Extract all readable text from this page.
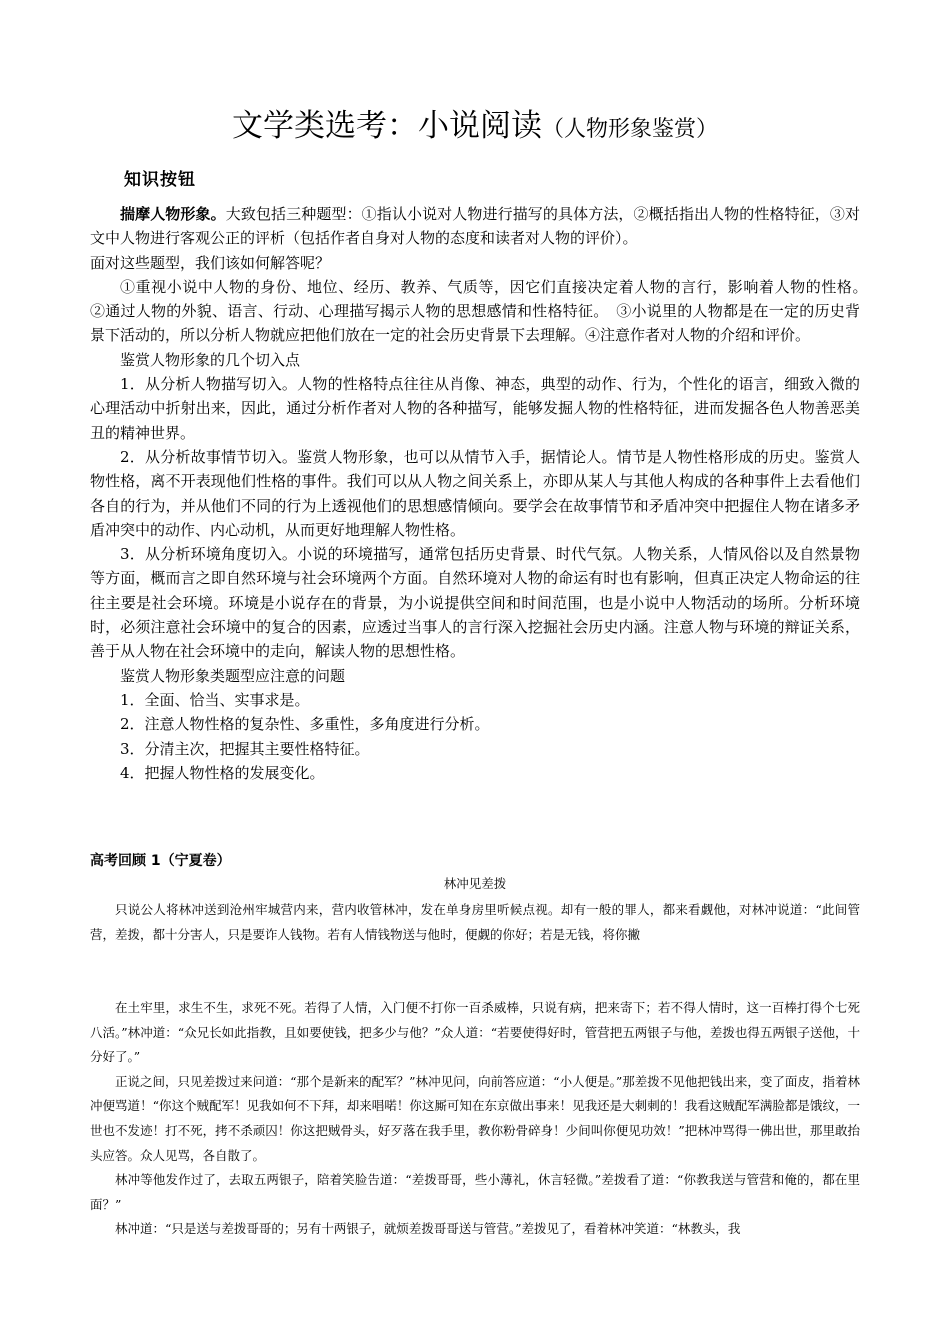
文学类选考：小说阅读（人物形象鉴赏）
知识按钮

揣摩人物形象。大致包括三种题型：①指认小说对人物进行描写的具体方法，②概括指出人物的性格特征，③对文中人物进行客观公正的评析（包括作者自身对人物的态度和读者对人物的评价）。

面对这些题型，我们该如何解答呢？

①重视小说中人物的身份、地位、经历、教养、气质等，因它们直接决定着人物的言行，影响着人物的性格。　②通过人物的外貌、语言、行动、心理描写揭示人物的思想感情和性格特征。　③小说里的人物都是在一定的历史背景下活动的，所以分析人物就应把他们放在一定的社会历史背景下去理解。④注意作者对人物的介绍和评价。

鉴赏人物形象的几个切入点

1．从分析人物描写切入。人物的性格特点往往从肖像、神态，典型的动作、行为，个性化的语言，细致入微的心理活动中折射出来，因此，通过分析作者对人物的各种描写，能够发掘人物的性格特征，进而发掘各色人物善恶美丑的精神世界。

2．从分析故事情节切入。鉴赏人物形象，也可以从情节入手，据情论人。情节是人物性格形成的历史。鉴赏人物性格，离不开表现他们性格的事件。我们可以从人物之间关系上，亦即从某人与其他人构成的各种事件上去看他们各自的行为，并从他们不同的行为上透视他们的思想感情倾向。要学会在故事情节和矛盾冲突中把握住人物在诸多矛盾冲突中的动作、内心动机，从而更好地理解人物性格。

3．从分析环境角度切入。小说的环境描写，通常包括历史背景、时代气氛。人物关系，人情风俗以及自然景物等方面，概而言之即自然环境与社会环境两个方面。自然环境对人物的命运有时也有影响，但真正决定人物命运的往往主要是社会环境。环境是小说存在的背景，为小说提供空间和时间范围，也是小说中人物活动的场所。分析环境时，必须注意社会环境中的复合的因素，应透过当事人的言行深入挖掘社会历史内涵。注意人物与环境的辩证关系，善于从人物在社会环境中的走向，解读人物的思想性格。

鉴赏人物形象类题型应注意的问题

1．全面、恰当、实事求是。

2．注意人物性格的复杂性、多重性，多角度进行分析。

3．分清主次，把握其主要性格特征。

4．把握人物性格的发展变化。

高考回顾 1（宁夏卷）
林冲见差拨

只说公人将林冲送到沧州牢城营内来，营内收管林冲，发在单身房里听候点视。却有一般的罪人，都来看觑他，对林冲说道：“此间管营，差拨，都十分害人，只是要诈人钱物。若有人情钱物送与他时，便觑的你好；若是无钱，将你撇

在土牢里，求生不生，求死不死。若得了人情，入门便不打你一百杀威棒，只说有病，把来寄下；若不得人情时，这一百棒打得个七死八活。”林冲道：“众兄长如此指教，且如要使钱，把多少与他？”众人道：“若要使得好时，管营把五两银子与他，差拨也得五两银子送他，十分好了。”

正说之间，只见差拨过来问道：“那个是新来的配军？”林冲见问，向前答应道：“小人便是。”那差拨不见他把钱出来，变了面皮，指着林冲便骂道！“你这个贼配军！见我如何不下拜，却来唱喏！你这厮可知在东京做出事来！见我还是大刺刺的！我看这贼配军满脸都是饿纹，一世也不发迹！打不死，拷不杀顽囚！你这把贼骨头，好歹落在我手里，教你粉骨碎身！少间叫你便见功效！”把林冲骂得一佛出世，那里敢抬头应答。众人见骂，各自散了。

林冲等他发作过了，去取五两银子，陪着笑脸告道：“差拨哥哥，些小薄礼，休言轻微。”差拨看了道：“你教我送与管营和俺的，都在里面？”

林冲道：“只是送与差拨哥哥的；另有十两银子，就烦差拨哥哥送与管营。”差拨见了，看着林冲笑道：“林教头，我
